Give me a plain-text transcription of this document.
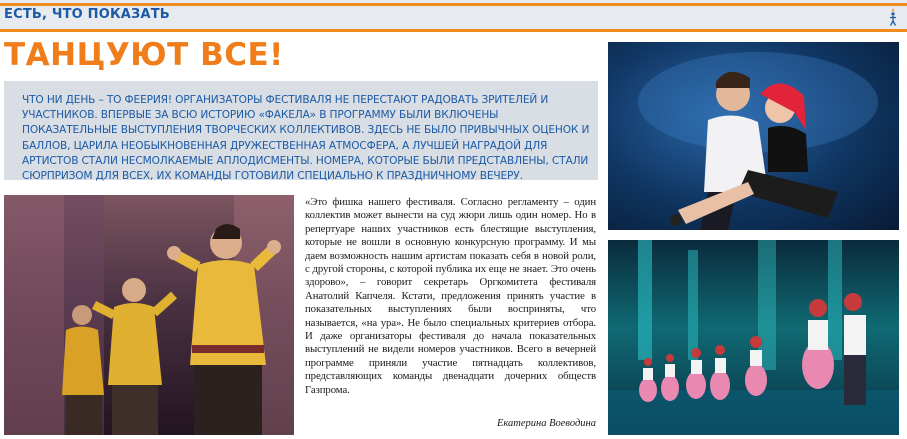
ЕСТЬ, ЧТО ПОКАЗАТЬ
ТАНЦУЮТ ВСЕ!
ЧТО НИ ДЕНЬ – ТО ФЕЕРИЯ! ОРГАНИЗАТОРЫ ФЕСТИВАЛЯ НЕ ПЕРЕСТАЮТ РАДОВАТЬ ЗРИТЕЛЕЙ И УЧАСТНИКОВ. ВПЕРВЫЕ ЗА ВСЮ ИСТОРИЮ «ФАКЕЛА» В ПРОГРАММУ БЫЛИ ВКЛЮЧЕНЫ ПОКАЗАТЕЛЬНЫЕ ВЫСТУПЛЕНИЯ ТВОРЧЕСКИХ КОЛЛЕКТИВОВ. ЗДЕСЬ НЕ БЫЛО ПРИВЫЧНЫХ ОЦЕНОК И БАЛЛОВ, ЦАРИЛА НЕОБЫКНОВЕННАЯ ДРУЖЕСТВЕННАЯ АТМОСФЕРА, А ЛУЧШЕЙ НАГРАДОЙ ДЛЯ АРТИСТОВ СТАЛИ НЕСМОЛКАЕМЫЕ АПЛОДИСМЕНТЫ. НОМЕРА, КОТОРЫЕ БЫЛИ ПРЕДСТАВЛЕНЫ, СТАЛИ СЮРПРИЗОМ ДЛЯ ВСЕХ, ИХ КОМАНДЫ ГОТОВИЛИ СПЕЦИАЛЬНО К ПРАЗДНИЧНОМУ ВЕЧЕРУ.
«Это фишка нашего фестиваля. Согласно регламенту – один коллектив может вынести на суд жюри лишь один номер. Но в репертуаре наших участников есть блестящие выступления, которые не вошли в основную конкурсную программу. И мы даем возможность нашим артистам показать себя в новой роли, с другой стороны, с которой публика их еще не знает. Это очень здорово», – говорит секретарь Оргкомитета фестиваля Анатолий Капчеля. Кстати, предложения принять участие в показательных выступлениях были восприняты, что называется, «на ура». Не было специальных критериев отбора. И даже организаторы фестиваля до начала показательных выступлений не видели номеров участников. Всего в вечерней программе приняли участие пятнадцать коллективов, представляющих команды двенадцати дочерних обществ Газпрома.
Екатерина Воеводина
